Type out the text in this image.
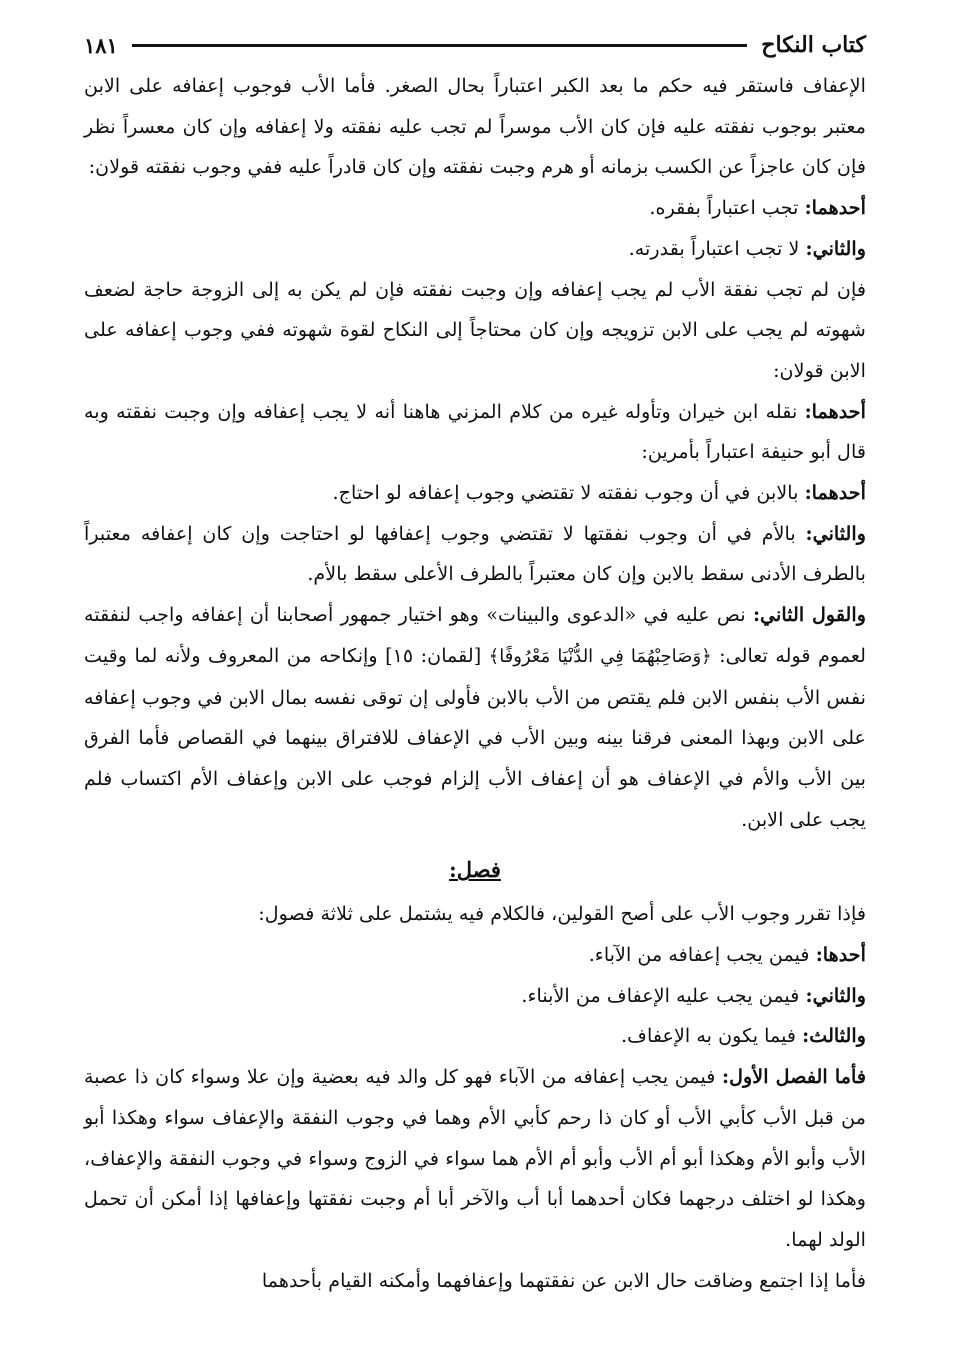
كتاب النكاح
١٨١

الإعفاف فاستقر فيه حكم ما بعد الكبر اعتباراً بحال الصغر. فأما الأب فوجوب إعفافه على الابن معتبر بوجوب نفقته عليه فإن كان الأب موسراً لم تجب عليه نفقته ولا إعفافه وإن كان معسراً نظر فإن كان عاجزاً عن الكسب بزمانه أو هرم وجبت نفقته وإن كان قادراً عليه ففي وجوب نفقته قولان:

أحدهما: تجب اعتباراً بفقره.

والثاني: لا تجب اعتباراً بقدرته.

فإن لم تجب نفقة الأب لم يجب إعفافه وإن وجبت نفقته فإن لم يكن به إلى الزوجة حاجة لضعف شهوته لم يجب على الابن تزويجه وإن كان محتاجاً إلى النكاح لقوة شهوته ففي وجوب إعفافه على الابن قولان:

أحدهما: نقله ابن خيران وتأوله غيره من كلام المزني هاهنا أنه لا يجب إعفافه وإن وجبت نفقته وبه قال أبو حنيفة اعتباراً بأمرين:

أحدهما: بالابن في أن وجوب نفقته لا تقتضي وجوب إعفافه لو احتاج.

والثاني: بالأم في أن وجوب نفقتها لا تقتضي وجوب إعفافها لو احتاجت وإن كان إعفافه معتبراً بالطرف الأدنى سقط بالابن وإن كان معتبراً بالطرف الأعلى سقط بالأم.

والقول الثاني: نص عليه في «الدعوى والبينات» وهو اختيار جمهور أصحابنا أن إعفافه واجب لنفقته لعموم قوله تعالى: ﴿وَصَاحِبْهُمَا فِي الدُّنْيَا مَعْرُوفًا﴾ [لقمان: ١٥] وإنكاحه من المعروف ولأنه لما وقيت نفس الأب بنفس الابن فلم يقتص من الأب بالابن فأولى إن توقى نفسه بمال الابن في وجوب إعفافه على الابن وبهذا المعنى فرقنا بينه وبين الأب في الإعفاف للافتراق بينهما في القصاص فأما الفرق بين الأب والأم في الإعفاف هو أن إعفاف الأب إلزام فوجب على الابن وإعفاف الأم اكتساب فلم يجب على الابن.

فصل:

فإذا تقرر وجوب الأب على أصح القولين، فالكلام فيه يشتمل على ثلاثة فصول:

أحدها: فيمن يجب إعفافه من الآباء.

والثاني: فيمن يجب عليه الإعفاف من الأبناء.

والثالث: فيما يكون به الإعفاف.

فأما الفصل الأول: فيمن يجب إعفافه من الآباء فهو كل والد فيه بعضية وإن علا وسواء كان ذا عصبة من قبل الأب كأبي الأب أو كان ذا رحم كأبي الأم وهما في وجوب النفقة والإعفاف سواء وهكذا أبو الأب وأبو الأم وهكذا أبو أم الأب وأبو أم الأم هما سواء في الزوج وسواء في وجوب النفقة والإعفاف، وهكذا لو اختلف درجهما فكان أحدهما أبا أب والآخر أبا أم وجبت نفقتها وإعفافها إذا أمكن أن تحمل الولد لهما.

فأما إذا اجتمع وضاقت حال الابن عن نفقتهما وإعفافهما وأمكنه القيام بأحدهما
